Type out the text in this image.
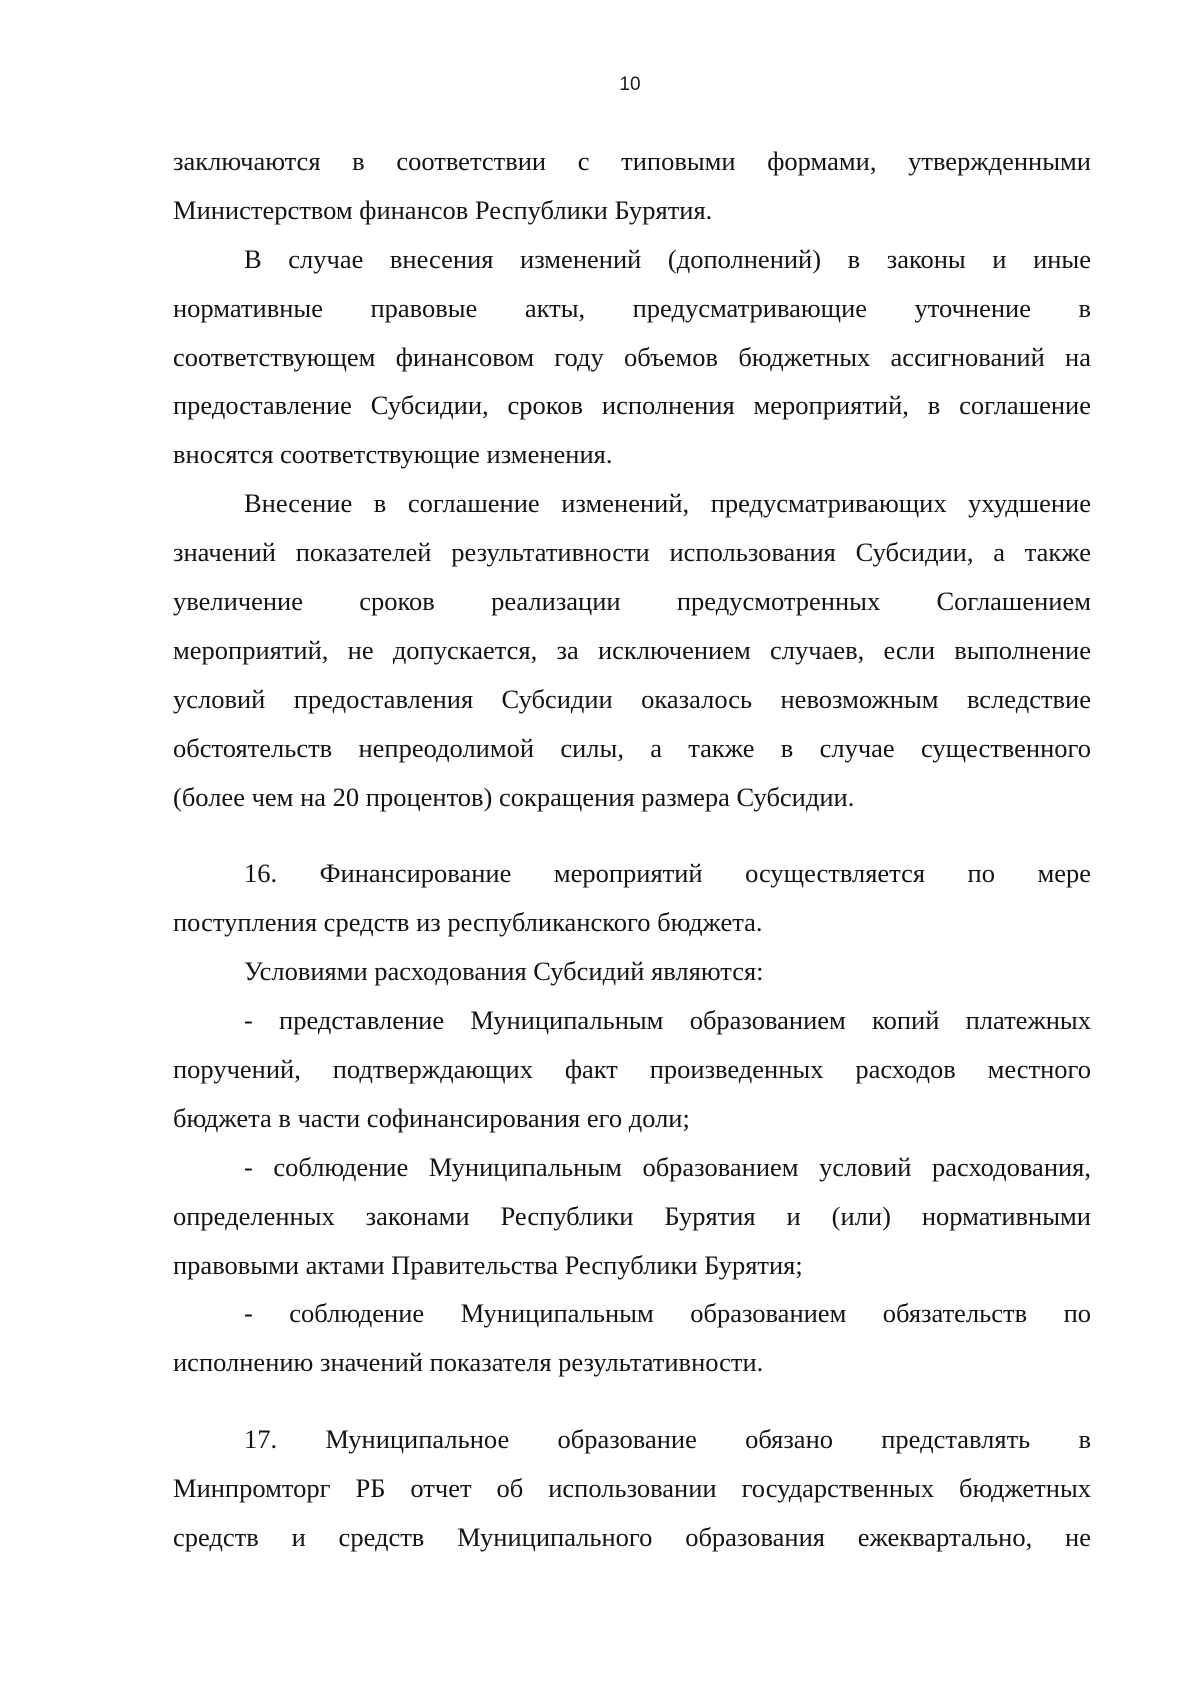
10
заключаются в соответствии с типовыми формами, утвержденными
Министерством финансов Республики Бурятия.
В случае внесения изменений (дополнений) в законы и иные
нормативные правовые акты, предусматривающие уточнение в
соответствующем финансовом году объемов бюджетных ассигнований на
предоставление Субсидии, сроков исполнения мероприятий, в соглашение
вносятся соответствующие изменения.
Внесение в соглашение изменений, предусматривающих ухудшение
значений показателей результативности использования Субсидии, а также
увеличение сроков реализации предусмотренных Соглашением
мероприятий, не допускается, за исключением случаев, если выполнение
условий предоставления Субсидии оказалось невозможным вследствие
обстоятельств непреодолимой силы, а также в случае существенного
(более чем на 20 процентов) сокращения размера Субсидии.
16. Финансирование мероприятий осуществляется по мере
поступления средств из республиканского бюджета.
Условиями расходования Субсидий являются:
- представление Муниципальным образованием копий платежных
поручений, подтверждающих факт произведенных расходов местного
бюджета в части софинансирования его доли;
- соблюдение Муниципальным образованием условий расходования,
определенных законами Республики Бурятия и (или) нормативными
правовыми актами Правительства Республики Бурятия;
- соблюдение Муниципальным образованием обязательств по
исполнению значений показателя результативности.
17. Муниципальное образование обязано представлять в
Минпромторг РБ отчет об использовании государственных бюджетных
средств и средств Муниципального образования ежеквартально, не
